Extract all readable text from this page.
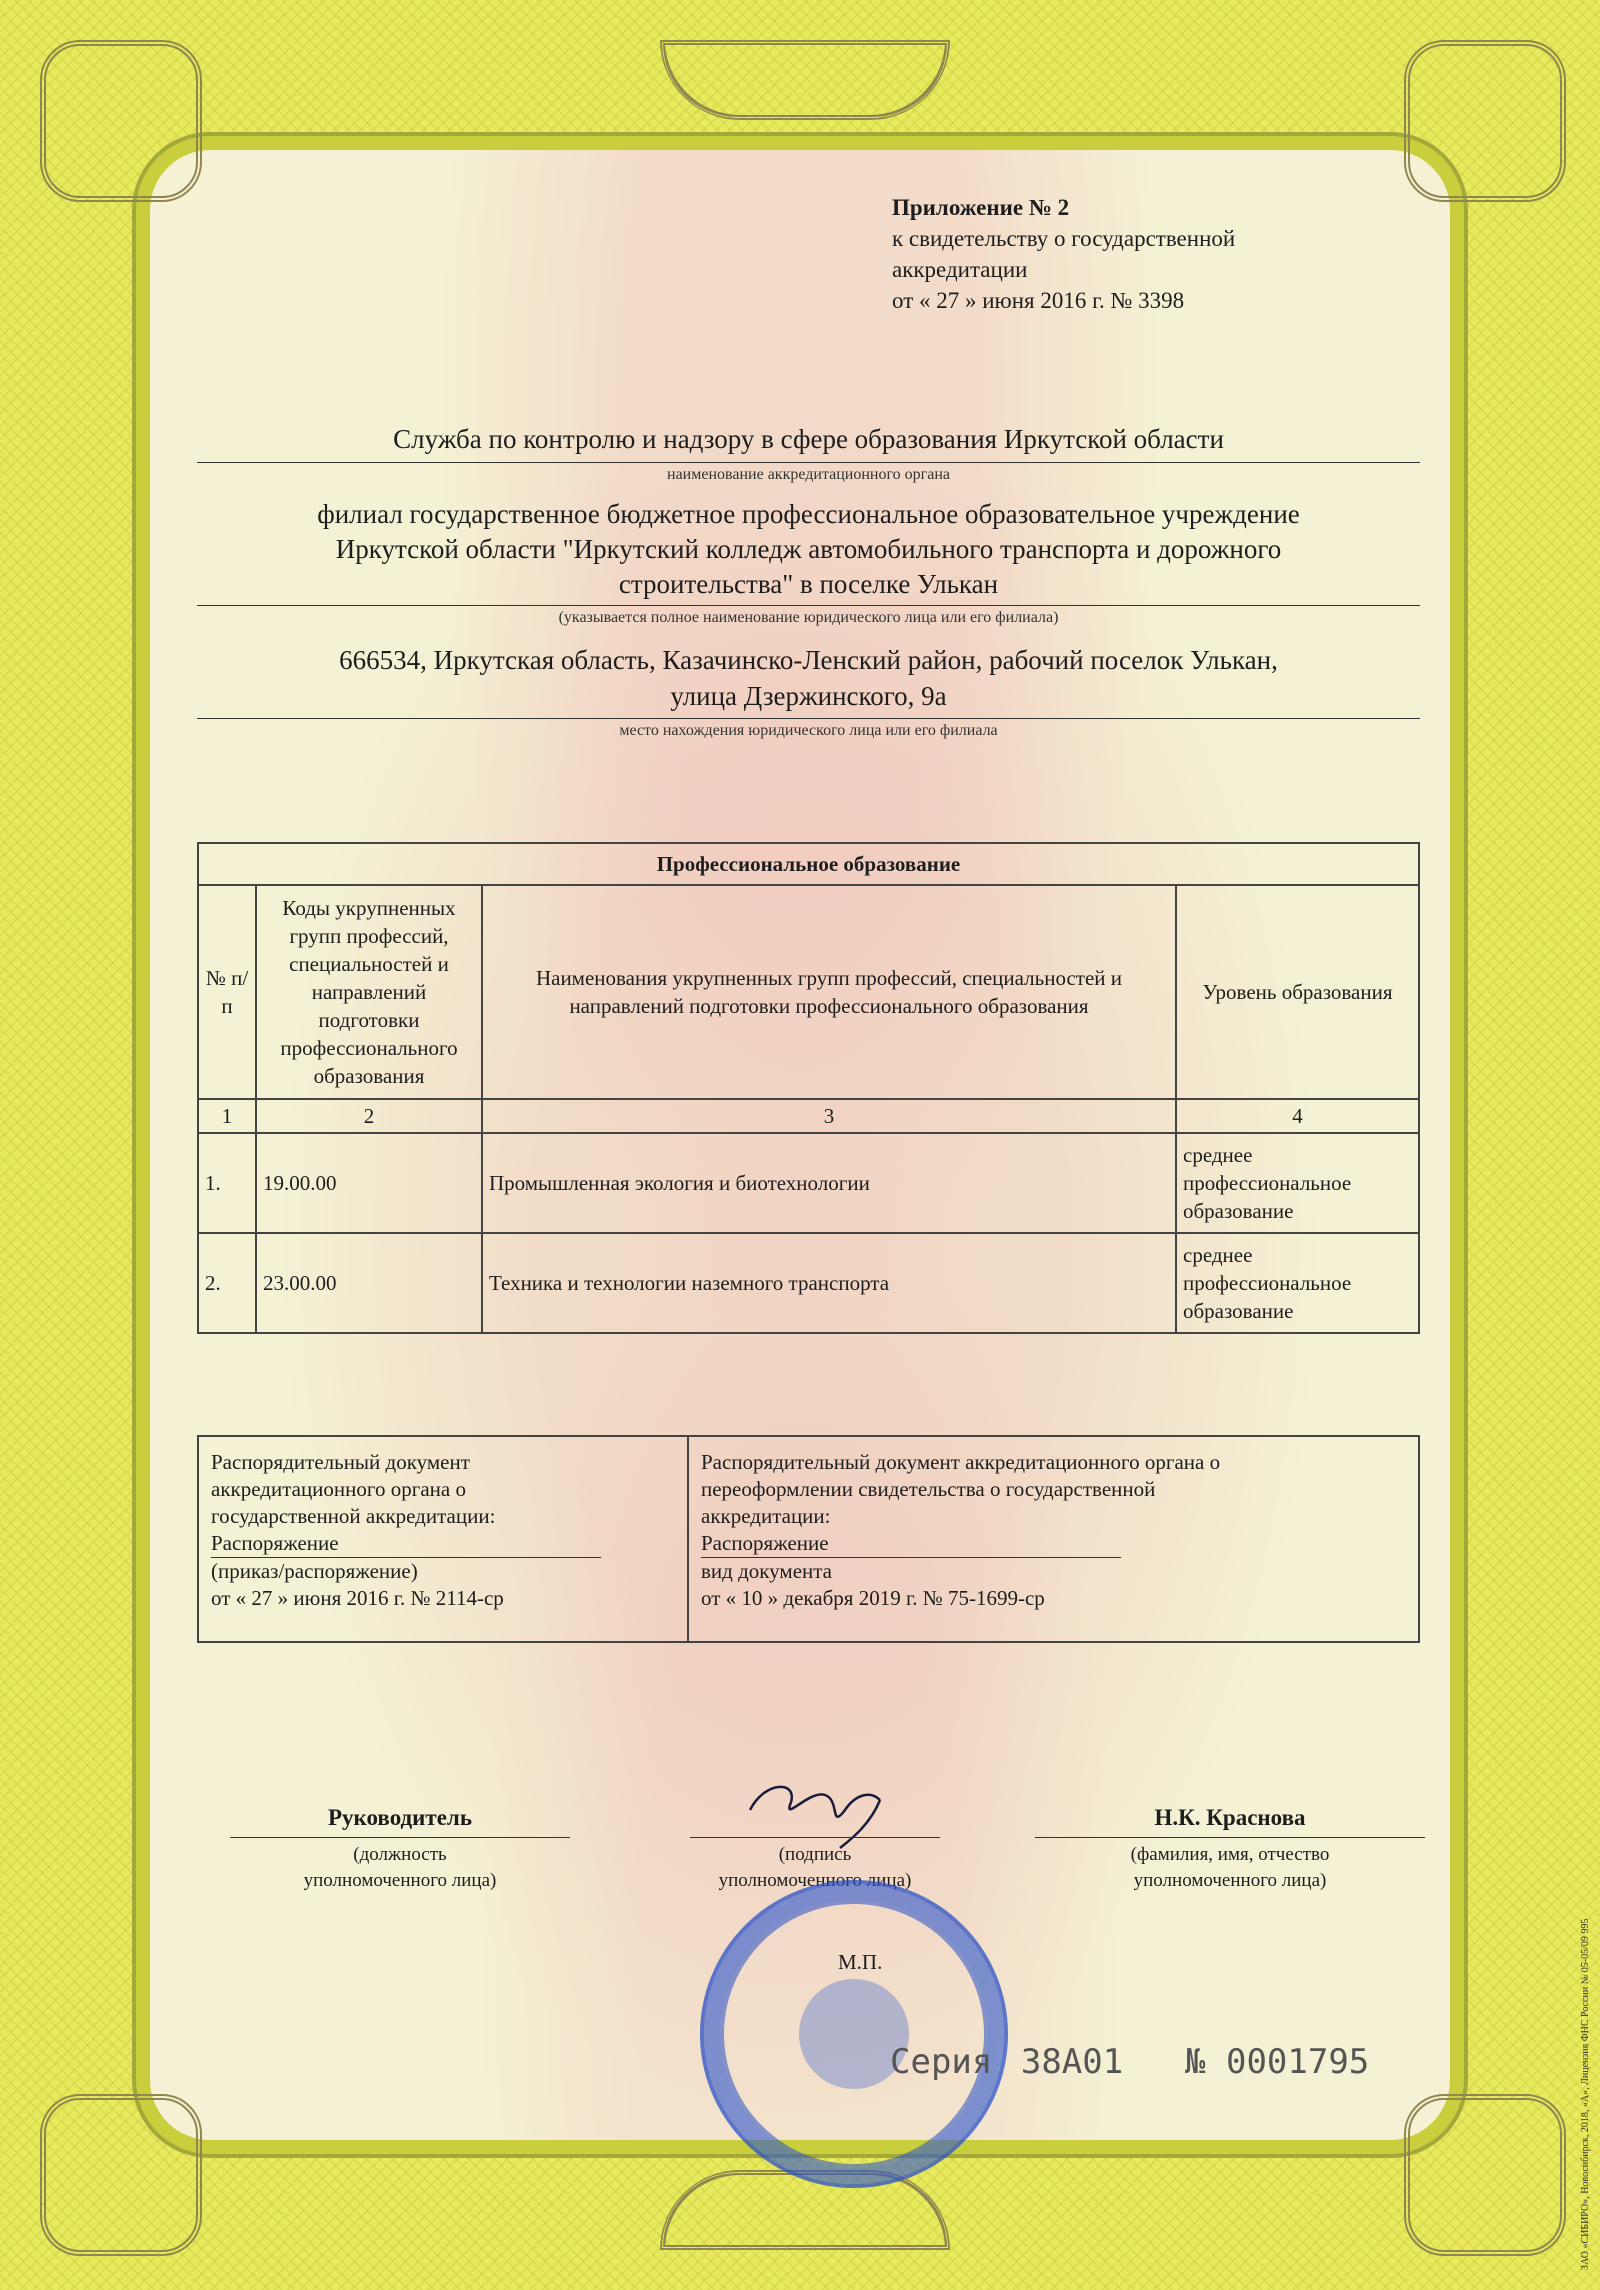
Приложение № 2
к свидетельству о государственной
аккредитации
от « 27 » июня 2016 г. № 3398
Служба по контролю и надзору в сфере образования Иркутской области
наименование аккредитационного органа
филиал государственное бюджетное профессиональное образовательное учреждение
Иркутской области "Иркутский колледж автомобильного транспорта и дорожного
строительства" в поселке Улькан
(указывается полное наименование юридического лица или его филиала)
666534, Иркутская область, Казачинско-Ленский район, рабочий поселок Улькан,
улица Дзержинского, 9а
место нахождения юридического лица или его филиала
Профессиональное образование			
№ п/п	Коды укрупненных групп профессий, специальностей и направлений подготовки профессионального образования	Наименования укрупненных групп профессий, специальностей и направлений подготовки профессионального образования	Уровень образования
1	2	3	4
1.	19.00.00	Промышленная экология и биотехнологии	среднее профессиональное образование
2.	23.00.00	Техника и технологии наземного транспорта	среднее профессиональное образование
Распорядительный документ
аккредитационного органа о
государственной аккредитации:
Распоряжение
(приказ/распоряжение)
от « 27 » июня 2016 г. № 2114-ср
Распорядительный документ аккредитационного органа о
переоформлении свидетельства о государственной
аккредитации:
Распоряжение
вид документа
от « 10 » декабря 2019 г. № 75-1699-ср
Руководитель
(должность
уполномоченного лица)
(подпись
уполномоченного лица)
Н.К. Краснова
(фамилия, имя, отчество
уполномоченного лица)
М.П.
Серия 38А01 № 0001795	ЗАО «СИБИРО», Новосибирск, 2018, «А», Лицензия ФНС России № 05-05/09 995
